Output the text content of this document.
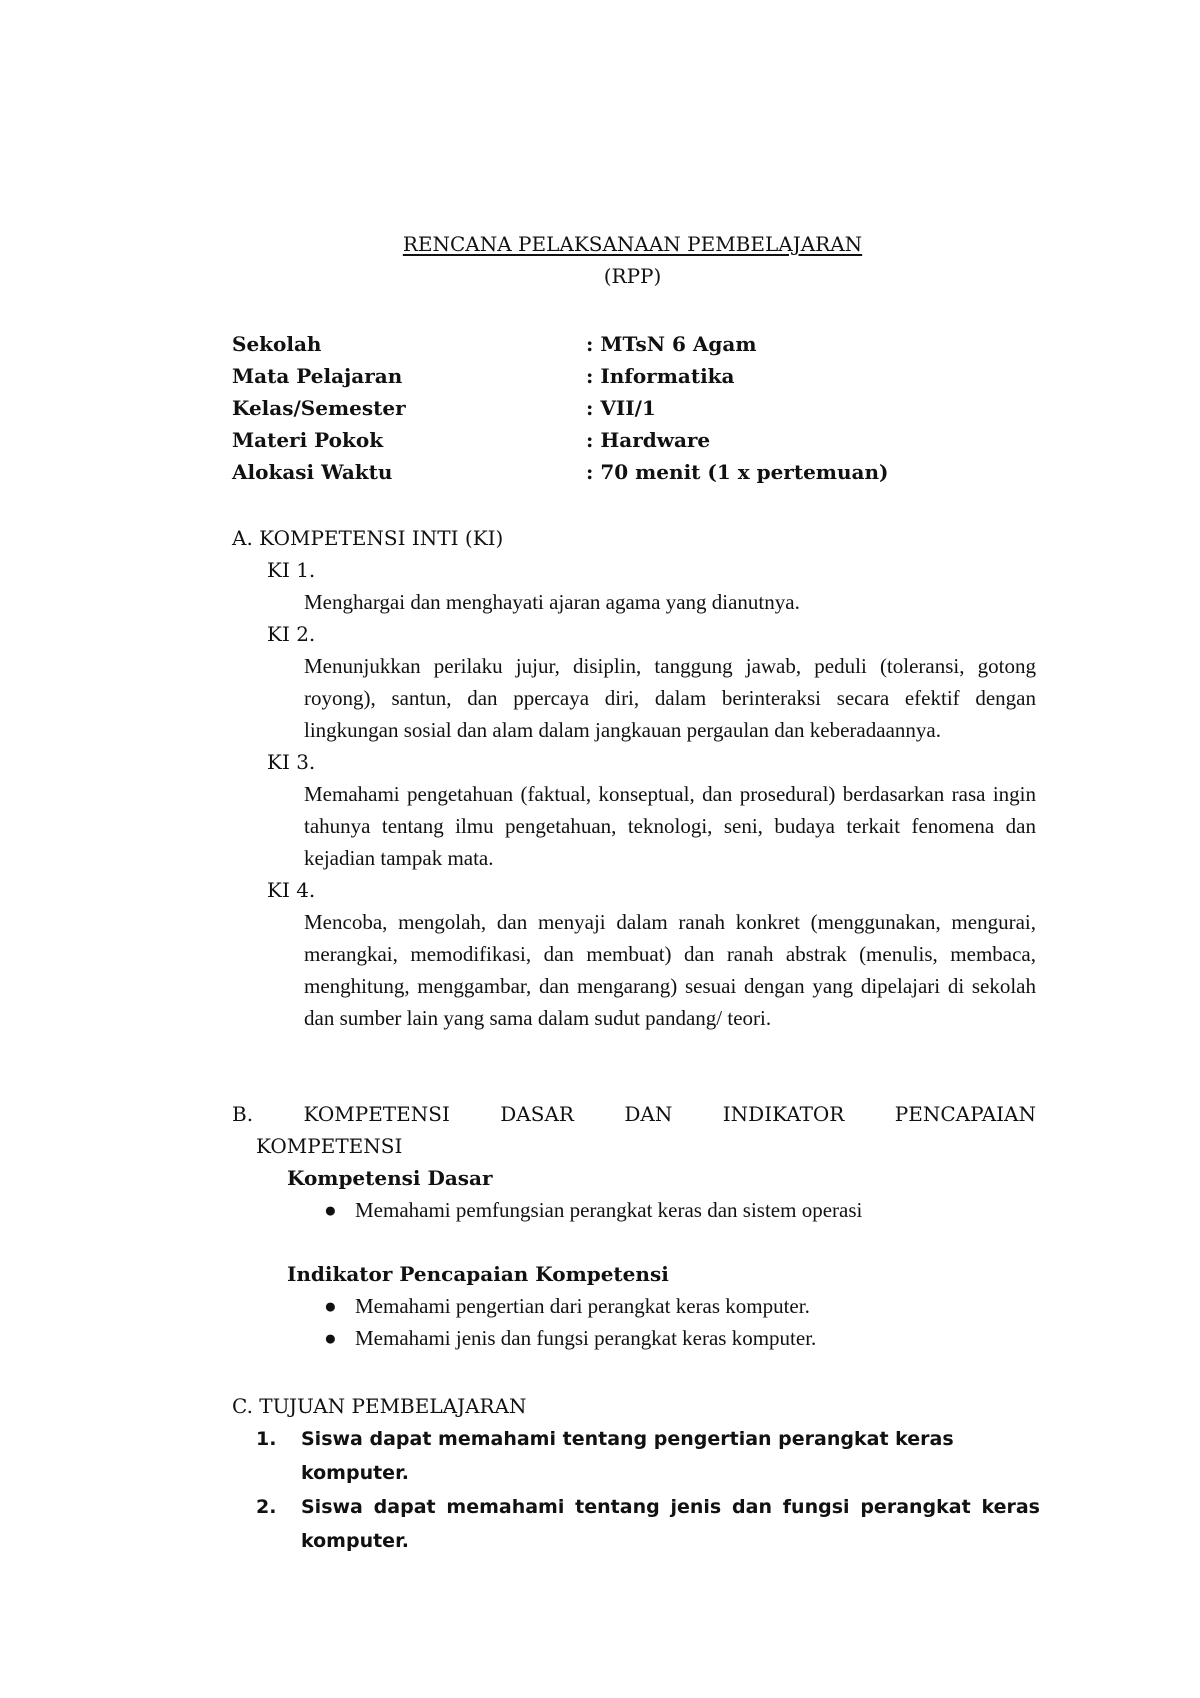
RENCANA PELAKSANAAN PEMBELAJARAN
(RPP)
Sekolah	: MTsN 6 Agam
Mata Pelajaran	: Informatika
Kelas/Semester	: VII/1
Materi Pokok	: Hardware
Alokasi Waktu	: 70 menit (1 x pertemuan)
A. KOMPETENSI INTI (KI)
KI 1.
Menghargai dan menghayati ajaran agama yang dianutnya.
KI 2.
Menunjukkan perilaku jujur, disiplin, tanggung jawab, peduli (toleransi, gotong royong), santun, dan ppercaya diri, dalam berinteraksi secara efektif dengan lingkungan sosial dan alam dalam jangkauan pergaulan dan keberadaannya.
KI 3.
Memahami pengetahuan (faktual, konseptual, dan prosedural) berdasarkan rasa ingin tahunya tentang ilmu pengetahuan, teknologi, seni, budaya terkait fenomena dan kejadian tampak mata.
KI 4.
Mencoba, mengolah, dan menyaji dalam ranah konkret (menggunakan, mengurai, merangkai, memodifikasi, dan membuat) dan ranah abstrak (menulis, membaca, menghitung, menggambar, dan mengarang) sesuai dengan yang dipelajari di sekolah dan sumber lain yang sama dalam sudut pandang/ teori.
B. KOMPETENSI DASAR DAN INDIKATOR PENCAPAIAN
KOMPETENSI
Kompetensi Dasar
● Memahami pemfungsian perangkat keras dan sistem operasi
Indikator Pencapaian Kompetensi
● Memahami pengertian dari perangkat keras komputer.
● Memahami jenis dan fungsi perangkat keras komputer.
C. TUJUAN PEMBELAJARAN
1. Siswa dapat memahami tentang pengertian perangkat keras komputer.
2. Siswa dapat memahami tentang jenis dan fungsi perangkat keras komputer.
